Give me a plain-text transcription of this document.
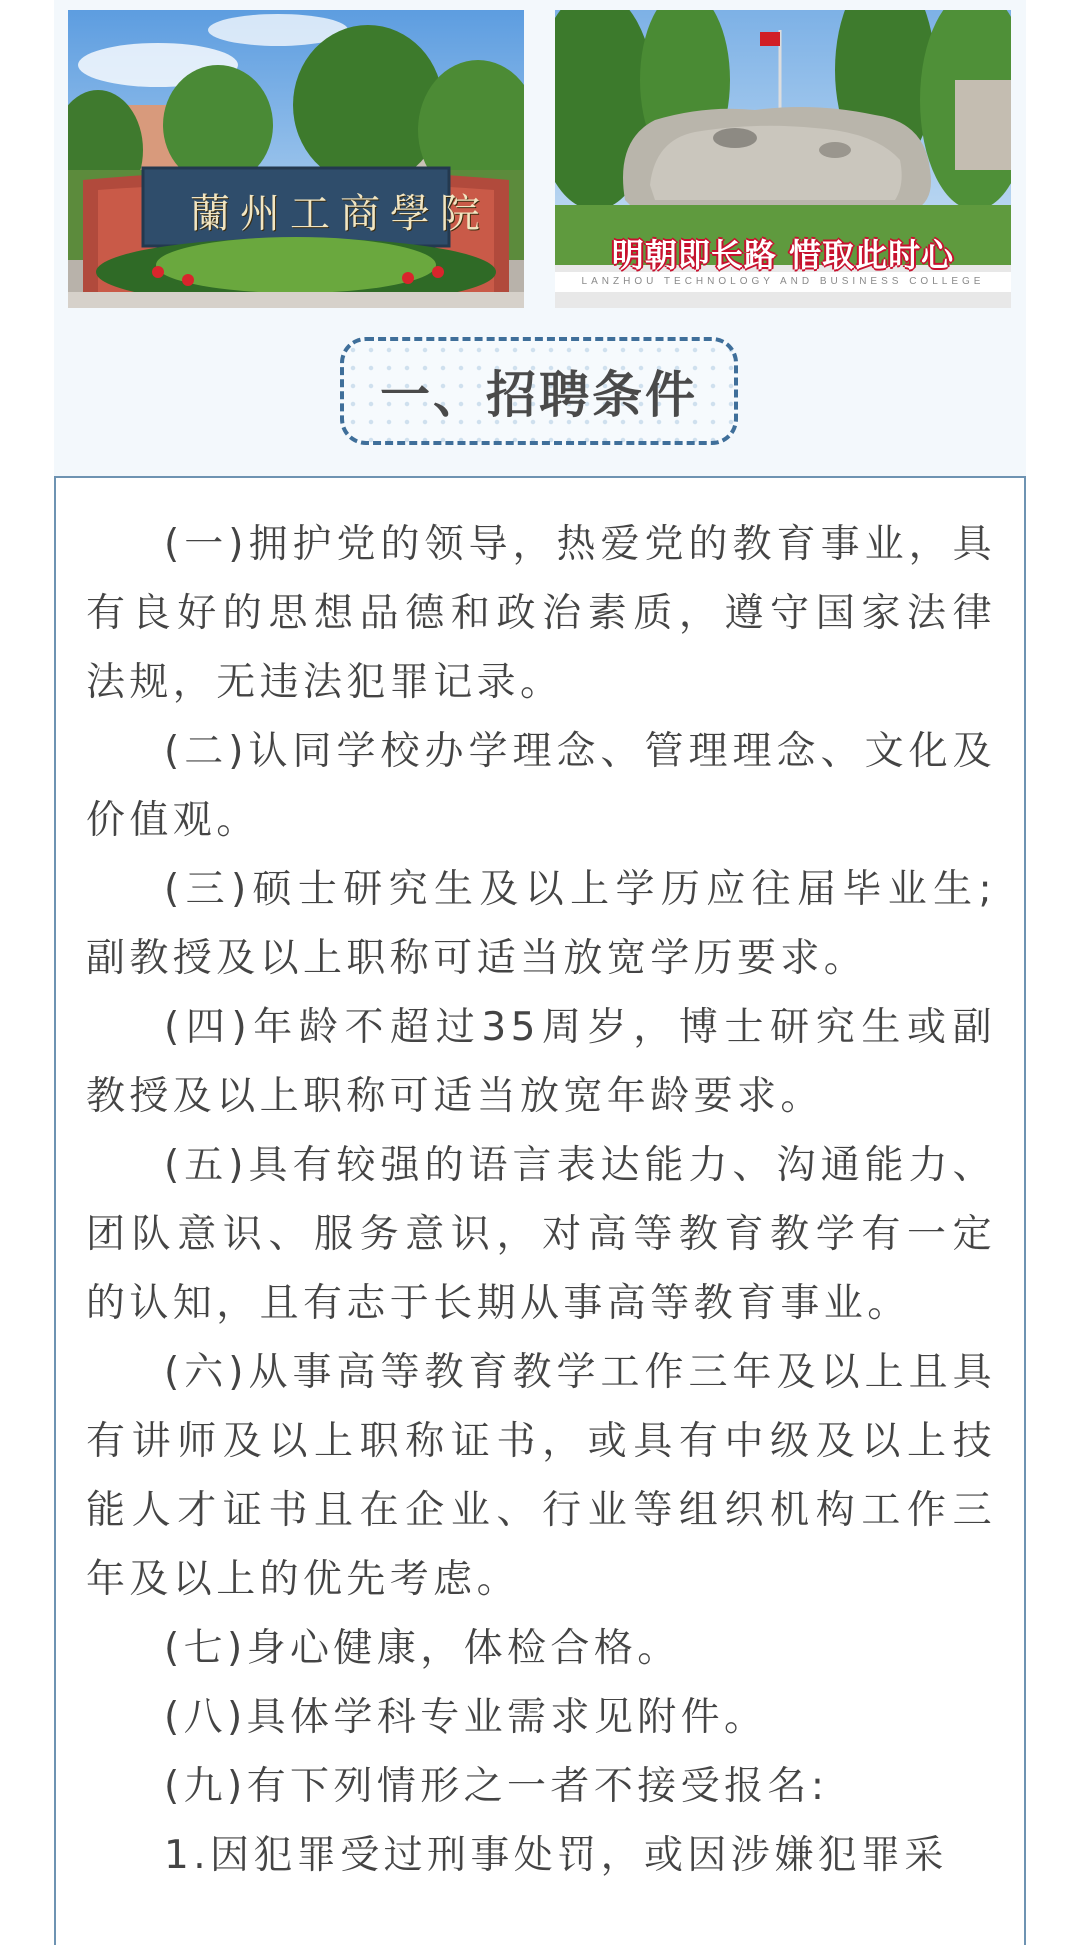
蘭州工商學院
明朝即长路 惜取此时心
LANZHOU TECHNOLOGY AND BUSINESS COLLEGE
一、招聘条件

(一)拥护党的领导，热爱党的教育事业，具有良好的思想品德和政治素质，遵守国家法律法规，无违法犯罪记录。

(二)认同学校办学理念、管理理念、文化及价值观。

(三)硕士研究生及以上学历应往届毕业生;副教授及以上职称可适当放宽学历要求。

(四)年龄不超过35周岁，博士研究生或副教授及以上职称可适当放宽年龄要求。

(五)具有较强的语言表达能力、沟通能力、团队意识、服务意识，对高等教育教学有一定的认知，且有志于长期从事高等教育事业。

(六)从事高等教育教学工作三年及以上且具有讲师及以上职称证书，或具有中级及以上技能人才证书且在企业、行业等组织机构工作三年及以上的优先考虑。

(七)身心健康，体检合格。

(八)具体学科专业需求见附件。

(九)有下列情形之一者不接受报名:

1.因犯罪受过刑事处罚，或因涉嫌犯罪采
